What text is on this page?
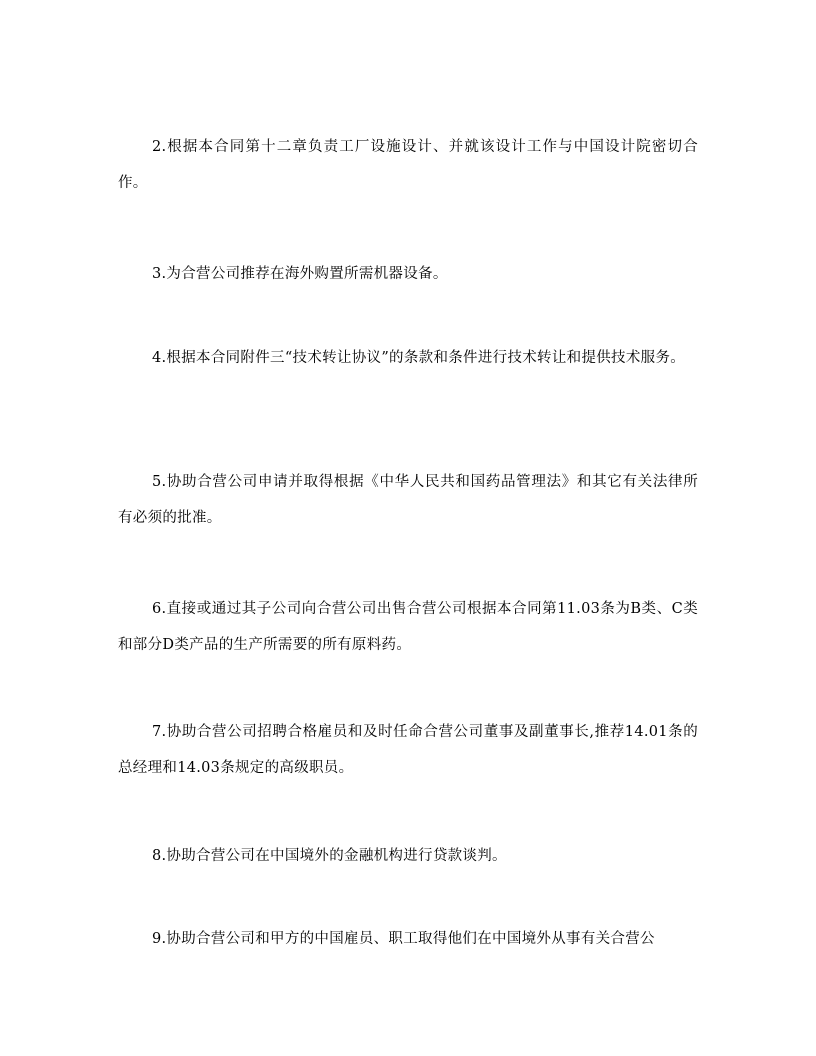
2.根据本合同第十二章负责工厂设施设计、并就该设计工作与中国设计院密切合作。

3.为合营公司推荐在海外购置所需机器设备。

4.根据本合同附件三“技术转让协议”的条款和条件进行技术转让和提供技术服务。

5.协助合营公司申请并取得根据《中华人民共和国药品管理法》和其它有关法律所有必须的批准。

6.直接或通过其子公司向合营公司出售合营公司根据本合同第11.03条为B类、C类和部分D类产品的生产所需要的所有原料药。

7.协助合营公司招聘合格雇员和及时任命合营公司董事及副董事长,推荐14.01条的总经理和14.03条规定的高级职员。

8.协助合营公司在中国境外的金融机构进行贷款谈判。

9.协助合营公司和甲方的中国雇员、职工取得他们在中国境外从事有关合营公
